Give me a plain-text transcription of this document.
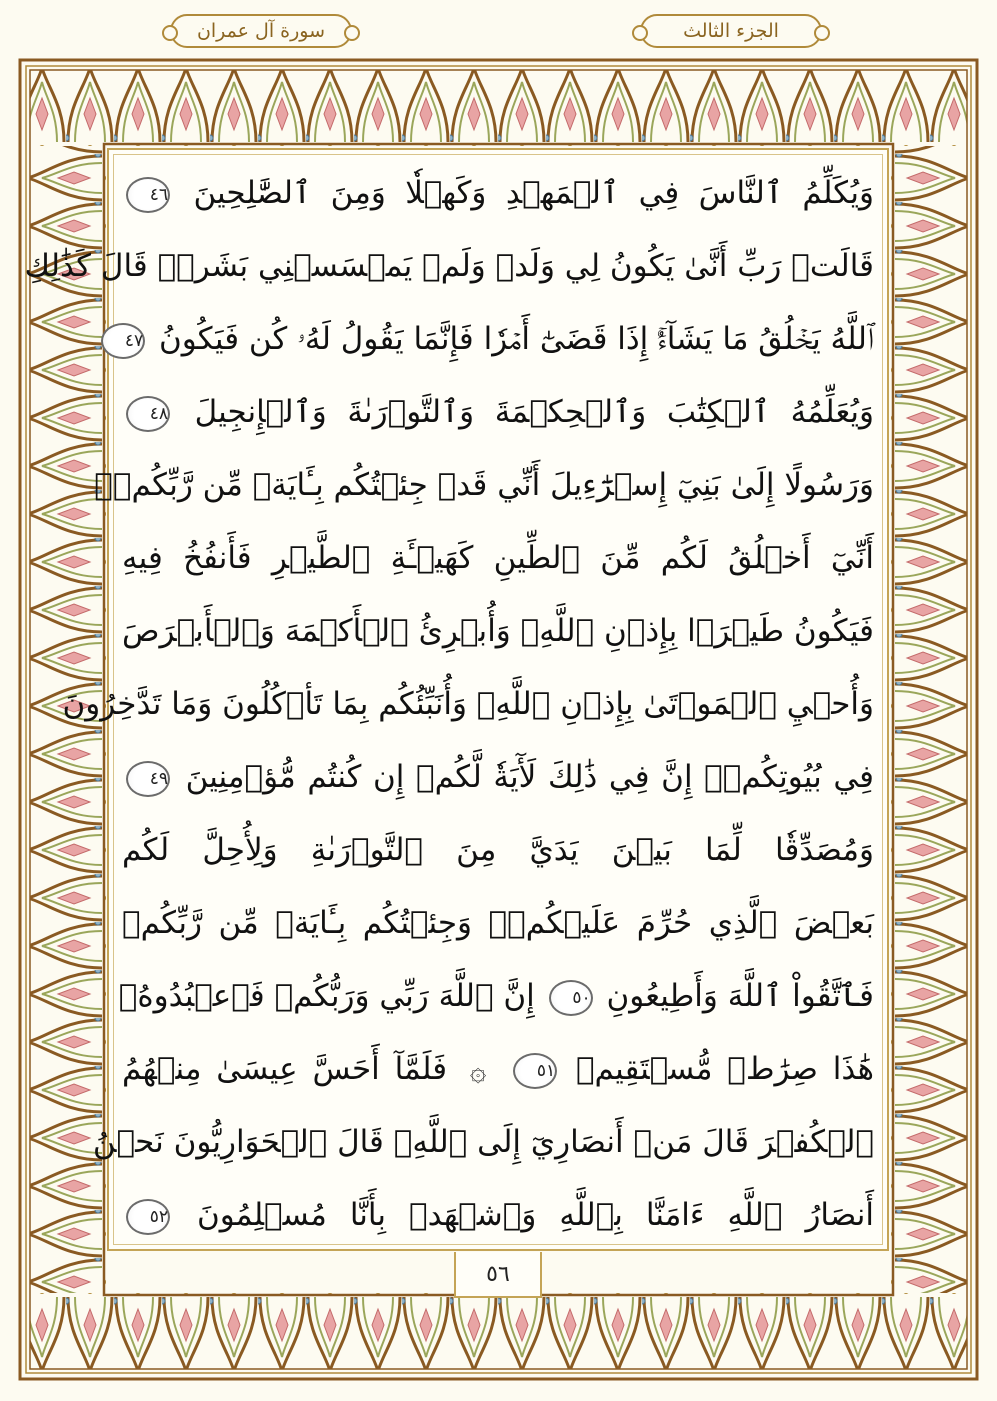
سورة آل عمران	الجزء الثالث
وَيُكَلِّمُ ٱلنَّاسَ فِي ٱلۡمَهۡدِ وَكَهۡلٗا وَمِنَ ٱلصَّٰلِحِينَ ٤٦
قَالَتۡ رَبِّ أَنَّىٰ يَكُونُ لِي وَلَدٞ وَلَمۡ يَمۡسَسۡنِي بَشَرٞۖ قَالَ كَذَٰلِكِ
ٱللَّهُ يَخۡلُقُ مَا يَشَآءُۚ إِذَا قَضَىٰٓ أَمۡرٗا فَإِنَّمَا يَقُولُ لَهُۥ كُن فَيَكُونُ ٤٧
وَيُعَلِّمُهُ ٱلۡكِتَٰبَ وَٱلۡحِكۡمَةَ وَٱلتَّوۡرَىٰةَ وَٱلۡإِنجِيلَ ٤٨
وَرَسُولًا إِلَىٰ بَنِيٓ إِسۡرَٰٓءِيلَ أَنِّي قَدۡ جِئۡتُكُم بِـَٔايَةٖ مِّن رَّبِّكُمۡۖ
أَنِّيٓ أَخۡلُقُ لَكُم مِّنَ ٱلطِّينِ كَهَيۡـَٔةِ ٱلطَّيۡرِ فَأَنفُخُ فِيهِ
فَيَكُونُ طَيۡرَۢا بِإِذۡنِ ٱللَّهِۖ وَأُبۡرِئُ ٱلۡأَكۡمَهَ وَٱلۡأَبۡرَصَ
وَأُحۡيِ ٱلۡمَوۡتَىٰ بِإِذۡنِ ٱللَّهِۖ وَأُنَبِّئُكُم بِمَا تَأۡكُلُونَ وَمَا تَدَّخِرُونَ
فِي بُيُوتِكُمۡۚ إِنَّ فِي ذَٰلِكَ لَأٓيَةٗ لَّكُمۡ إِن كُنتُم مُّؤۡمِنِينَ ٤٩
وَمُصَدِّقٗا لِّمَا بَيۡنَ يَدَيَّ مِنَ ٱلتَّوۡرَىٰةِ وَلِأُحِلَّ لَكُم
بَعۡضَ ٱلَّذِي حُرِّمَ عَلَيۡكُمۡۚ وَجِئۡتُكُم بِـَٔايَةٖ مِّن رَّبِّكُمۡ
فَٱتَّقُواْ ٱللَّهَ وَأَطِيعُونِ ٥٠ إِنَّ ٱللَّهَ رَبِّي وَرَبُّكُمۡ فَٱعۡبُدُوهُۚ
هَٰذَا صِرَٰطٞ مُّسۡتَقِيمٞ ٥١ ۞ فَلَمَّآ أَحَسَّ عِيسَىٰ مِنۡهُمُ
ٱلۡكُفۡرَ قَالَ مَنۡ أَنصَارِيٓ إِلَى ٱللَّهِۖ قَالَ ٱلۡحَوَارِيُّونَ نَحۡنُ
أَنصَارُ ٱللَّهِ ءَامَنَّا بِٱللَّهِ وَٱشۡهَدۡ بِأَنَّا مُسۡلِمُونَ ٥٢
٥٦
